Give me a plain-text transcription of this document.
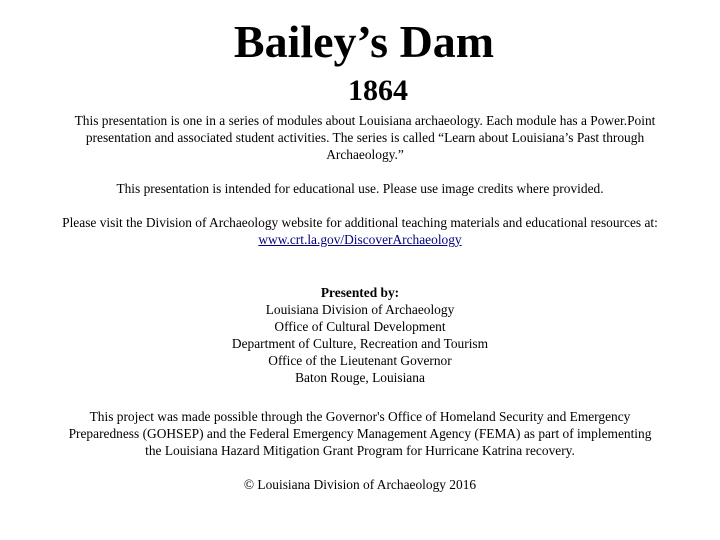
Bailey’s Dam
1864
This presentation is one in a series of modules about Louisiana archaeology. Each module has a Power.Point
presentation and associated student activities. The series is called “Learn about Louisiana’s Past through
Archaeology.”
This presentation is intended for educational use. Please use image credits where provided.
Please visit the Division of Archaeology website for additional teaching materials and educational resources at:
www.crt.la.gov/DiscoverArchaeology
Presented by:
Louisiana Division of Archaeology
Office of Cultural Development
Department of Culture, Recreation and Tourism
Office of the Lieutenant Governor
Baton Rouge, Louisiana
This project was made possible through the Governor's Office of Homeland Security and Emergency
Preparedness (GOHSEP) and the Federal Emergency Management Agency (FEMA) as part of implementing
the Louisiana Hazard Mitigation Grant Program for Hurricane Katrina recovery.
© Louisiana Division of Archaeology 2016
